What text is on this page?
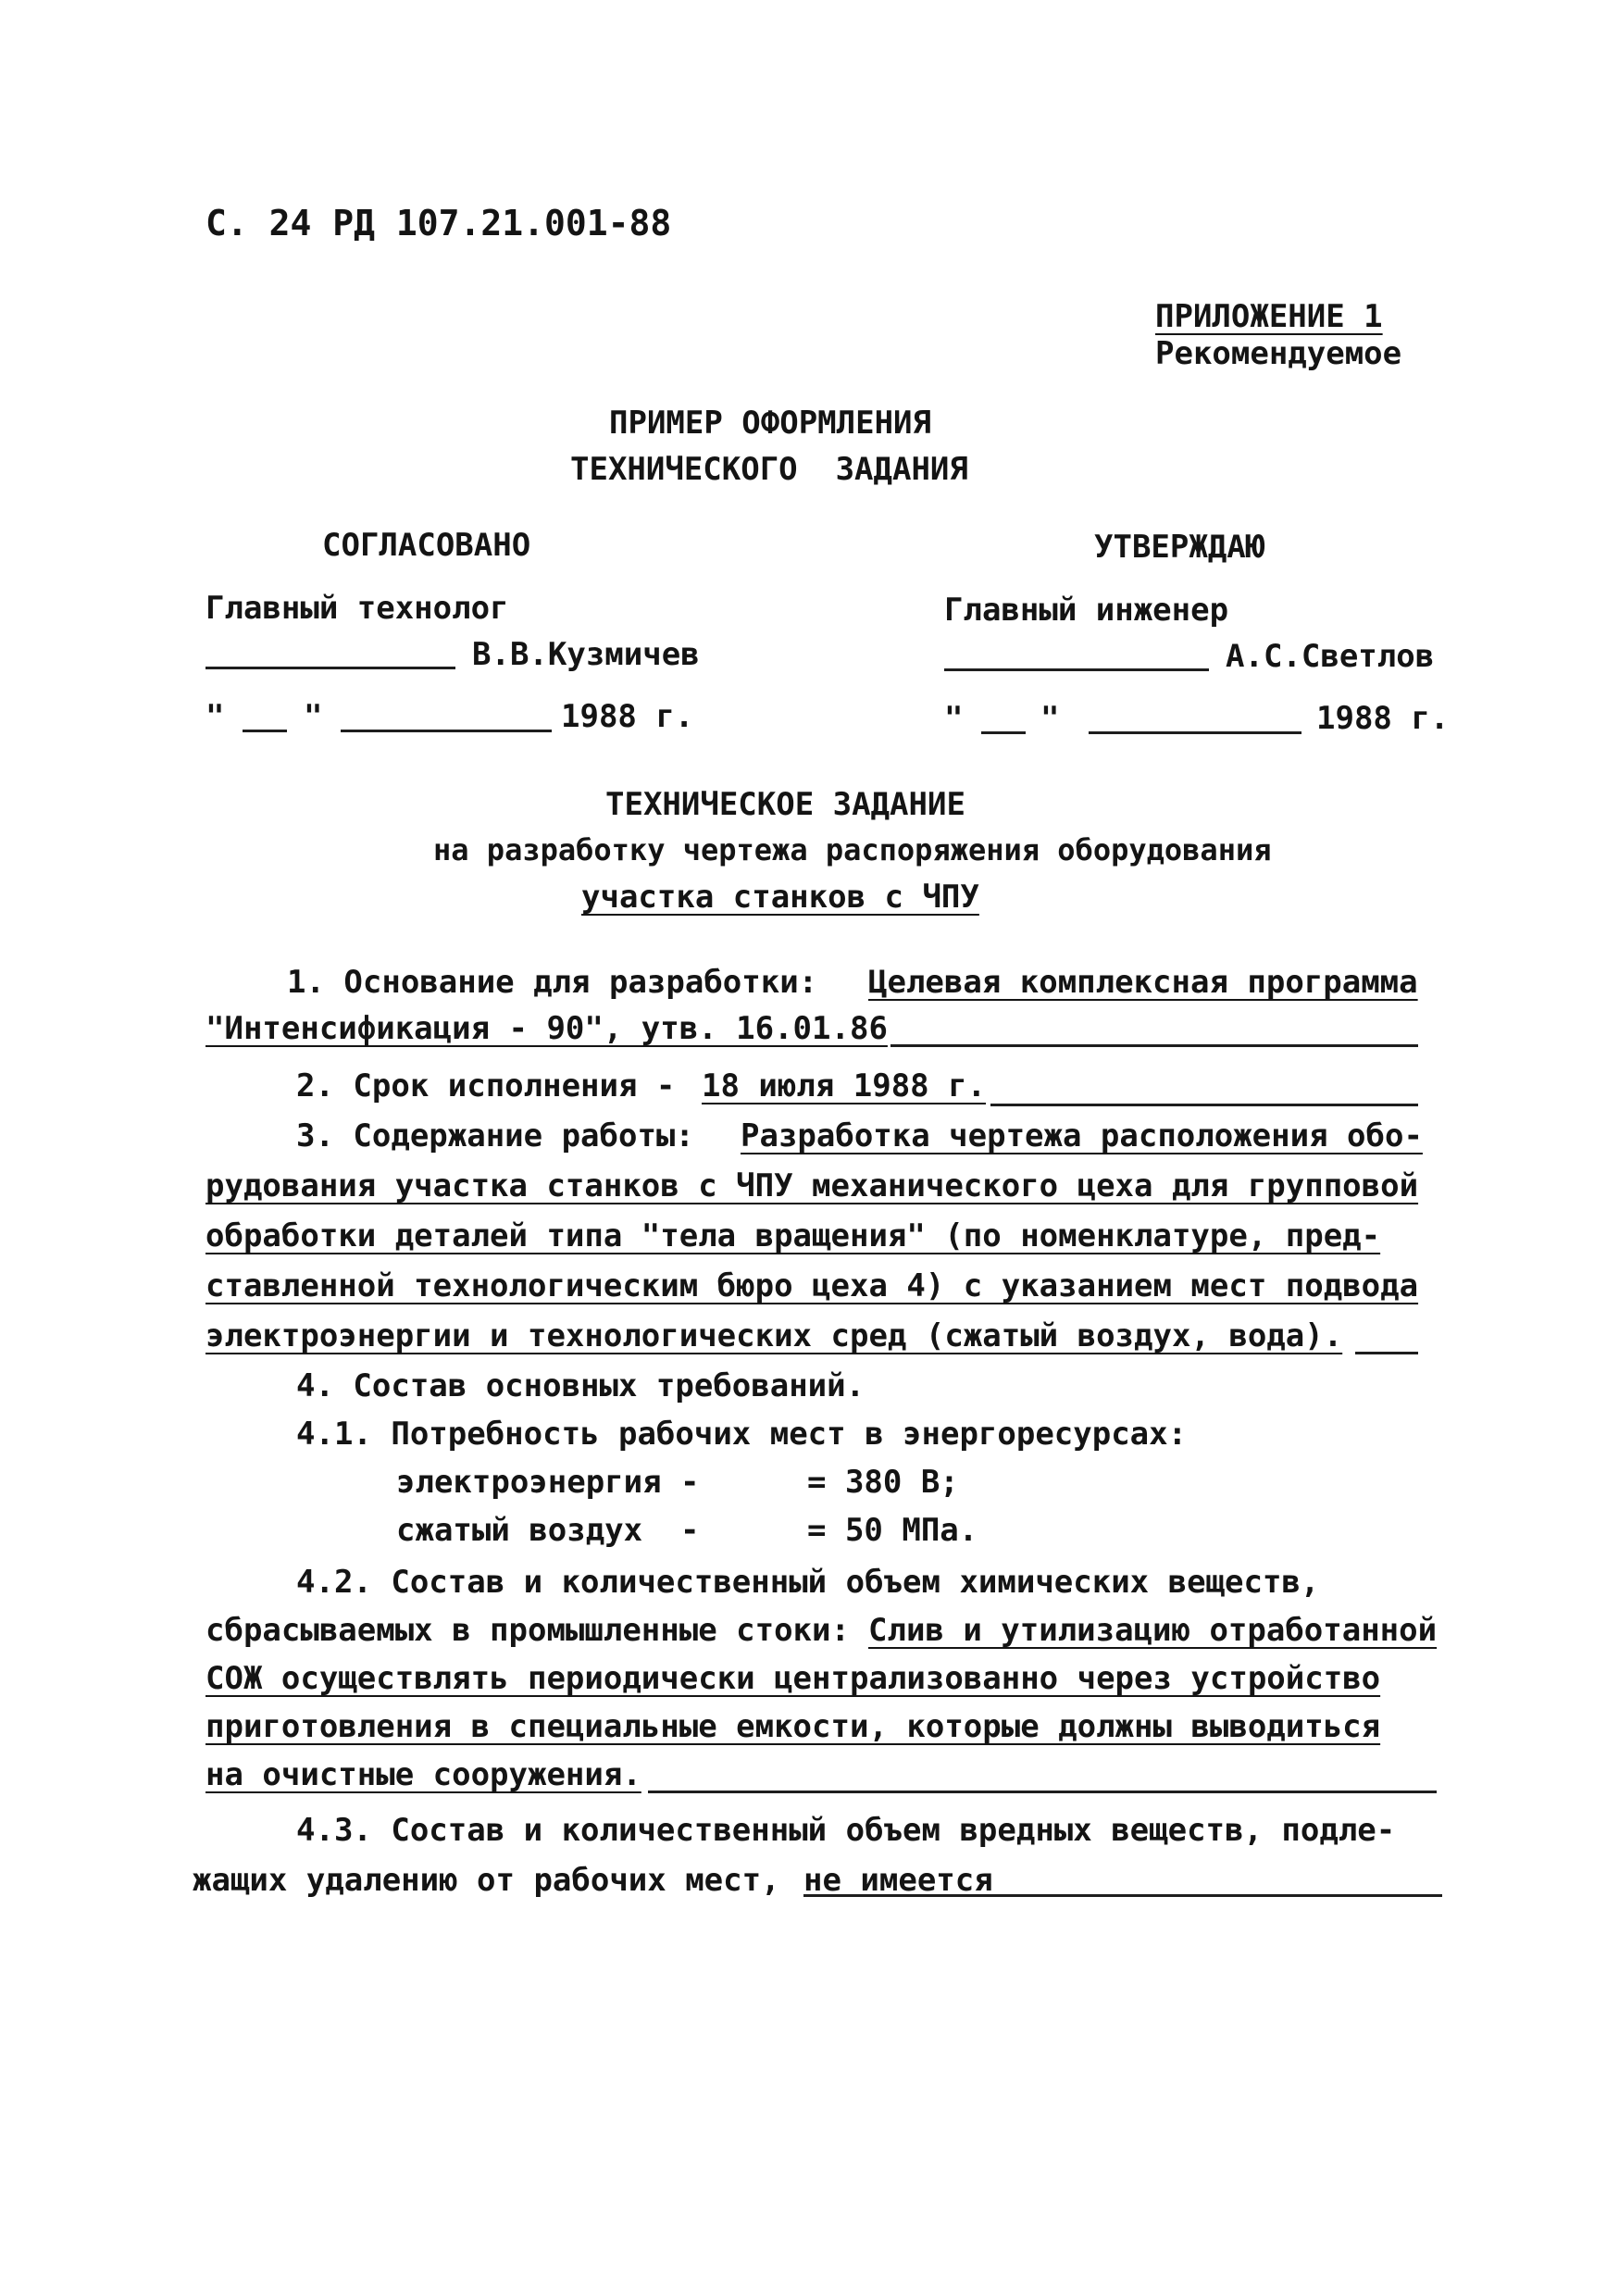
С. 24 РД 107.21.001-88
ПРИЛОЖЕНИЕ 1
Рекомендуемое
ПРИМЕР ОФОРМЛЕНИЯ
ТЕХНИЧЕСКОГО  ЗАДАНИЯ
СОГЛАСОВАНО
Главный технолог
В.В.Кузмичев
"	"	1988 г.
УТВЕРЖДАЮ
Главный инженер
А.С.Светлов
" "	1988 г.
ТЕХНИЧЕСКОЕ ЗАДАНИЕ
на разработку чертежа распоряжения оборудования
участка станков с ЧПУ
1. Основание для разработки: Целевая комплексная программа
"Интенсификация - 90", утв. 16.01.86
2. Срок исполнения - 18 июля 1988 г.
3. Содержание работы: Разработка чертежа расположения обо-
рудования участка станков с ЧПУ механического цеха для групповой
обработки деталей типа "тела вращения" (по номенклатуре, пред-
ставленной технологическим бюро цеха 4) с указанием мест подвода
электроэнергии и технологических сред (сжатый воздух, вода).
4. Состав основных требований.
4.1. Потребность рабочих мест в энергоресурсах:
электроэнергия -	= 380 В;
сжатый воздух  -	= 50 МПа.
4.2. Состав и количественный объем химических веществ,
сбрасываемых в промышленные стоки: Слив и утилизацию отработанной
СОЖ осуществлять периодически централизованно через устройство
приготовления в специальные емкости, которые должны выводиться
на очистные сооружения.
4.3. Состав и количественный объем вредных веществ, подле-
жащих удалению от рабочих мест, не имеется
